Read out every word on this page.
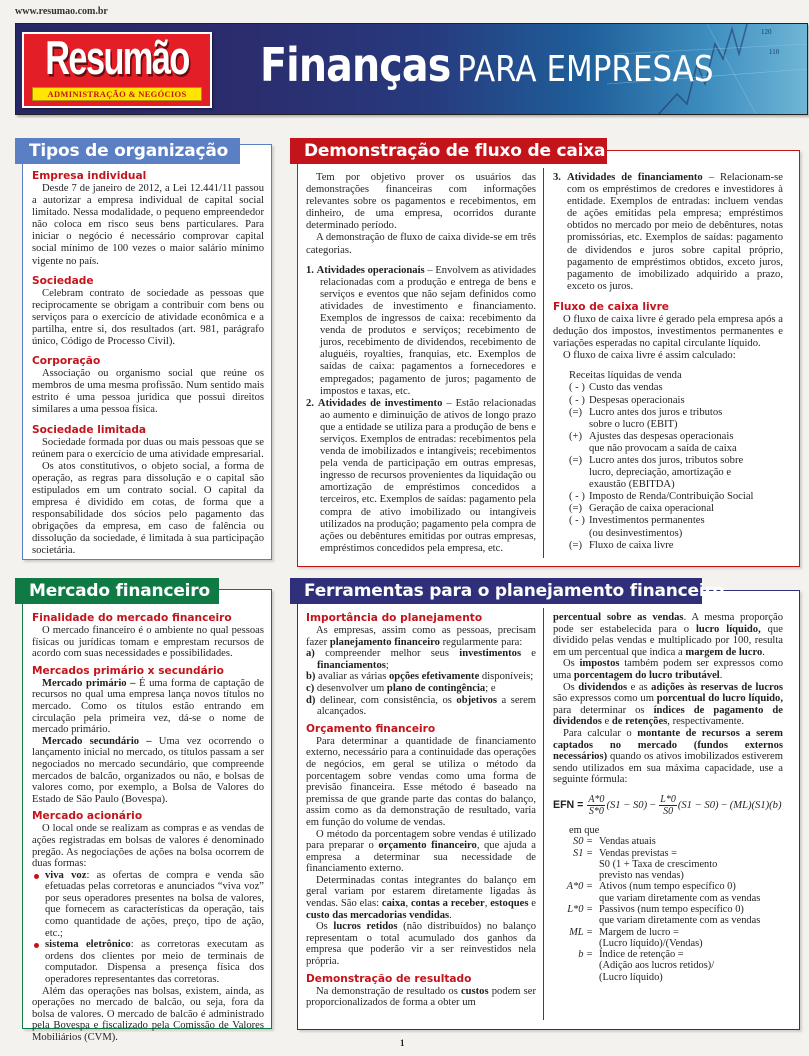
www.resumao.com.br
120
110
Resumão
ADMINISTRAÇÃO & NEGÓCIOS
Finanças PARA EMPRESAS
Tipos de organização
Empresa individual

Desde 7 de janeiro de 2012, a Lei 12.441/11 passou a autorizar a empresa individual de capital social limitado. Nessa modalidade, o pequeno empreendedor não coloca em risco seus bens particulares. Para iniciar o negócio é necessário comprovar capital social mínimo de 100 vezes o maior salário mínimo vigente no país.

Sociedade

Celebram contrato de sociedade as pessoas que reciprocamente se obrigam a contribuir com bens ou serviços para o exercício de atividade econômica e a partilha, entre si, dos resultados (art. 981, parágrafo único, Código de Processo Civil).

Corporação

Associação ou organismo social que reúne os membros de uma mesma profissão. Num sentido mais estrito é uma pessoa jurídica que possui direitos similares a uma pessoa física.

Sociedade limitada

Sociedade formada por duas ou mais pessoas que se reúnem para o exercício de uma atividade empresarial.

Os atos constitutivos, o objeto social, a forma de operação, as regras para dissolução e o capital são estipulados em um contrato social. O capital da empresa é dividido em cotas, de forma que a responsabilidade dos sócios pelo pagamento das obrigações da empresa, em caso de falência ou dissolução da sociedade, é limitada à sua participação societária.

Demonstração de fluxo de caixa

Tem por objetivo prover os usuários das demonstrações financeiras com informações relevantes sobre os pagamentos e recebimentos, em dinheiro, de uma empresa, ocorridos durante determinado período.

A demonstração de fluxo de caixa divide-se em três categorias.

1. Atividades operacionais – Envolvem as atividades relacionadas com a produção e entrega de bens e serviços e eventos que não sejam definidos como atividades de investimento e financiamento. Exemplos de ingressos de caixa: recebimento da venda de produtos e serviços; recebimento de juros, recebimento de dividendos, recebimento de aluguéis, royalties, franquias, etc. Exemplos de saídas de caixa: pagamentos a fornecedores e empregados; pagamento de juros; pagamento de impostos e taxas, etc.
2. Atividades de investimento – Estão relacionadas ao aumento e diminuição de ativos de longo prazo que a entidade se utiliza para a produção de bens e serviços. Exemplos de entradas: recebimentos pela venda de imobilizados e intangíveis; recebimentos pela venda de participação em outras empresas, ingresso de recursos provenientes da liquidação ou amortização de empréstimos concedidos a terceiros, etc. Exemplos de saídas: pagamento pela compra de ativo imobilizado ou intangíveis utilizados na produção; pagamento pela compra de ações ou debêntures emitidas por outras empresas, empréstimos concedidos pela empresa, etc.
3. Atividades de financiamento – Relacionam-se com os empréstimos de credores e investidores à entidade. Exemplos de entradas: incluem vendas de ações emitidas pela empresa; empréstimos obtidos no mercado por meio de debêntures, notas promissórias, etc. Exemplos de saídas: pagamento de dividendos e juros sobre capital próprio, pagamento de empréstimos obtidos, exceto juros, pagamento de imobilizado adquirido a prazo, exceto os juros.
Fluxo de caixa livre

O fluxo de caixa livre é gerado pela empresa após a dedução dos impostos, investimentos permanentes e variações esperadas no capital circulante líquido.

O fluxo de caixa livre é assim calculado:

Receitas líquidas de venda
( - ) Custo das vendas
( - ) Despesas operacionais
(=) Lucro antes dos juros e tributos
sobre o lucro (EBIT)
(+) Ajustes das despesas operacionais
que não provocam a saída de caixa
(=) Lucro antes dos juros, tributos sobre
lucro, depreciação, amortização e
exaustão (EBITDA)
( - ) Imposto de Renda/Contribuição Social
(=) Geração de caixa operacional
( - ) Investimentos permanentes
(ou desinvestimentos)
(=) Fluxo de caixa livre
Mercado financeiro
Finalidade do mercado financeiro

O mercado financeiro é o ambiente no qual pessoas físicas ou jurídicas tomam e emprestam recursos de acordo com suas necessidades e possibilidades.

Mercados primário x secundário

Mercado primário – É uma forma de captação de recursos no qual uma empresa lança novos títulos no mercado. Como os títulos estão entrando em circulação pela primeira vez, dá-se o nome de mercado primário.

Mercado secundário – Uma vez ocorrendo o lançamento inicial no mercado, os títulos passam a ser negociados no mercado secundário, que compreende mercados de balcão, organizados ou não, e bolsas de valores como, por exemplo, a Bolsa de Valores do Estado de São Paulo (Bovespa).

Mercado acionário

O local onde se realizam as compras e as vendas de ações registradas em bolsas de valores é denominado pregão. As negociações de ações na bolsa ocorrem de duas formas:

viva voz: as ofertas de compra e venda são efetuadas pelas corretoras e anunciados “viva voz” por seus operadores presentes na bolsa de valores, que fornecem as características da operação, tais como quantidade de ações, preço, tipo de ação, etc.;
sistema eletrônico: as corretoras executam as ordens dos clientes por meio de terminais de computador. Dispensa a presença física dos operadores representantes das corretoras.

Além das operações nas bolsas, existem, ainda, as operações no mercado de balcão, ou seja, fora da bolsa de valores. O mercado de balcão é administrado pela Bovespa e fiscalizado pela Comissão de Valores Mobiliários (CVM).

Ferramentas para o planejamento financeiro
Importância do planejamento

As empresas, assim como as pessoas, precisam fazer planejamento financeiro regularmente para:

a) compreender melhor seus investimentos e financiamentos;
b) avaliar as várias opções efetivamente disponíveis;
c) desenvolver um plano de contingência; e
d) delinear, com consistência, os objetivos a serem alcançados.
Orçamento financeiro

Para determinar a quantidade de financiamento externo, necessário para a continuidade das operações de negócios, em geral se utiliza o método da porcentagem sobre vendas como uma forma de previsão financeira. Esse método é baseado na premissa de que grande parte das contas do balanço, assim como as da demonstração de resultado, varia em função do volume de vendas.

O método da porcentagem sobre vendas é utilizado para preparar o orçamento financeiro, que ajuda a empresa a determinar sua necessidade de financiamento externo.

Determinadas contas integrantes do balanço em geral variam por estarem diretamente ligadas às vendas. São elas: caixa, contas a receber, estoques e custo das mercadorias vendidas.

Os lucros retidos (não distribuídos) no balanço representam o total acumulado dos ganhos da empresa que poderão vir a ser reinvestidos nela própria.

Demonstração de resultado

Na demonstração de resultado os custos podem ser proporcionalizados de forma a obter um

percentual sobre as vendas. A mesma proporção pode ser estabelecida para o lucro líquido, que dividido pelas vendas e multiplicado por 100, resulta em um percentual que indica a margem de lucro.

Os impostos também podem ser expressos como uma porcentagem do lucro tributável.

Os dividendos e as adições às reservas de lucros são expressos como um porcentual do lucro líquido, para determinar os índices de pagamento de dividendos e de retenções, respectivamente.

Para calcular o montante de recursos a serem captados no mercado (fundos externos necessários) quando os ativos imobilizados estiverem sendo utilizados em sua máxima capacidade, use a seguinte fórmula:

EFN = $\frac{A*0}{S*0} (S1 - S0) - \frac{L*0}{S0} (S1 - S0) - (ML)(S1)(b)$
em que
S0 = Vendas atuais
S1 = Vendas previstas =
S0 (1 + Taxa de crescimento
previsto nas vendas)
A*0 = Ativos (num tempo específico 0)
que variam diretamente com as vendas
L*0 = Passivos (num tempo específico 0)
que variam diretamente com as vendas
ML = Margem de lucro =
(Lucro líquido)/(Vendas)
b = Índice de retenção =
(Adição aos lucros retidos)/
(Lucro líquido)
1
